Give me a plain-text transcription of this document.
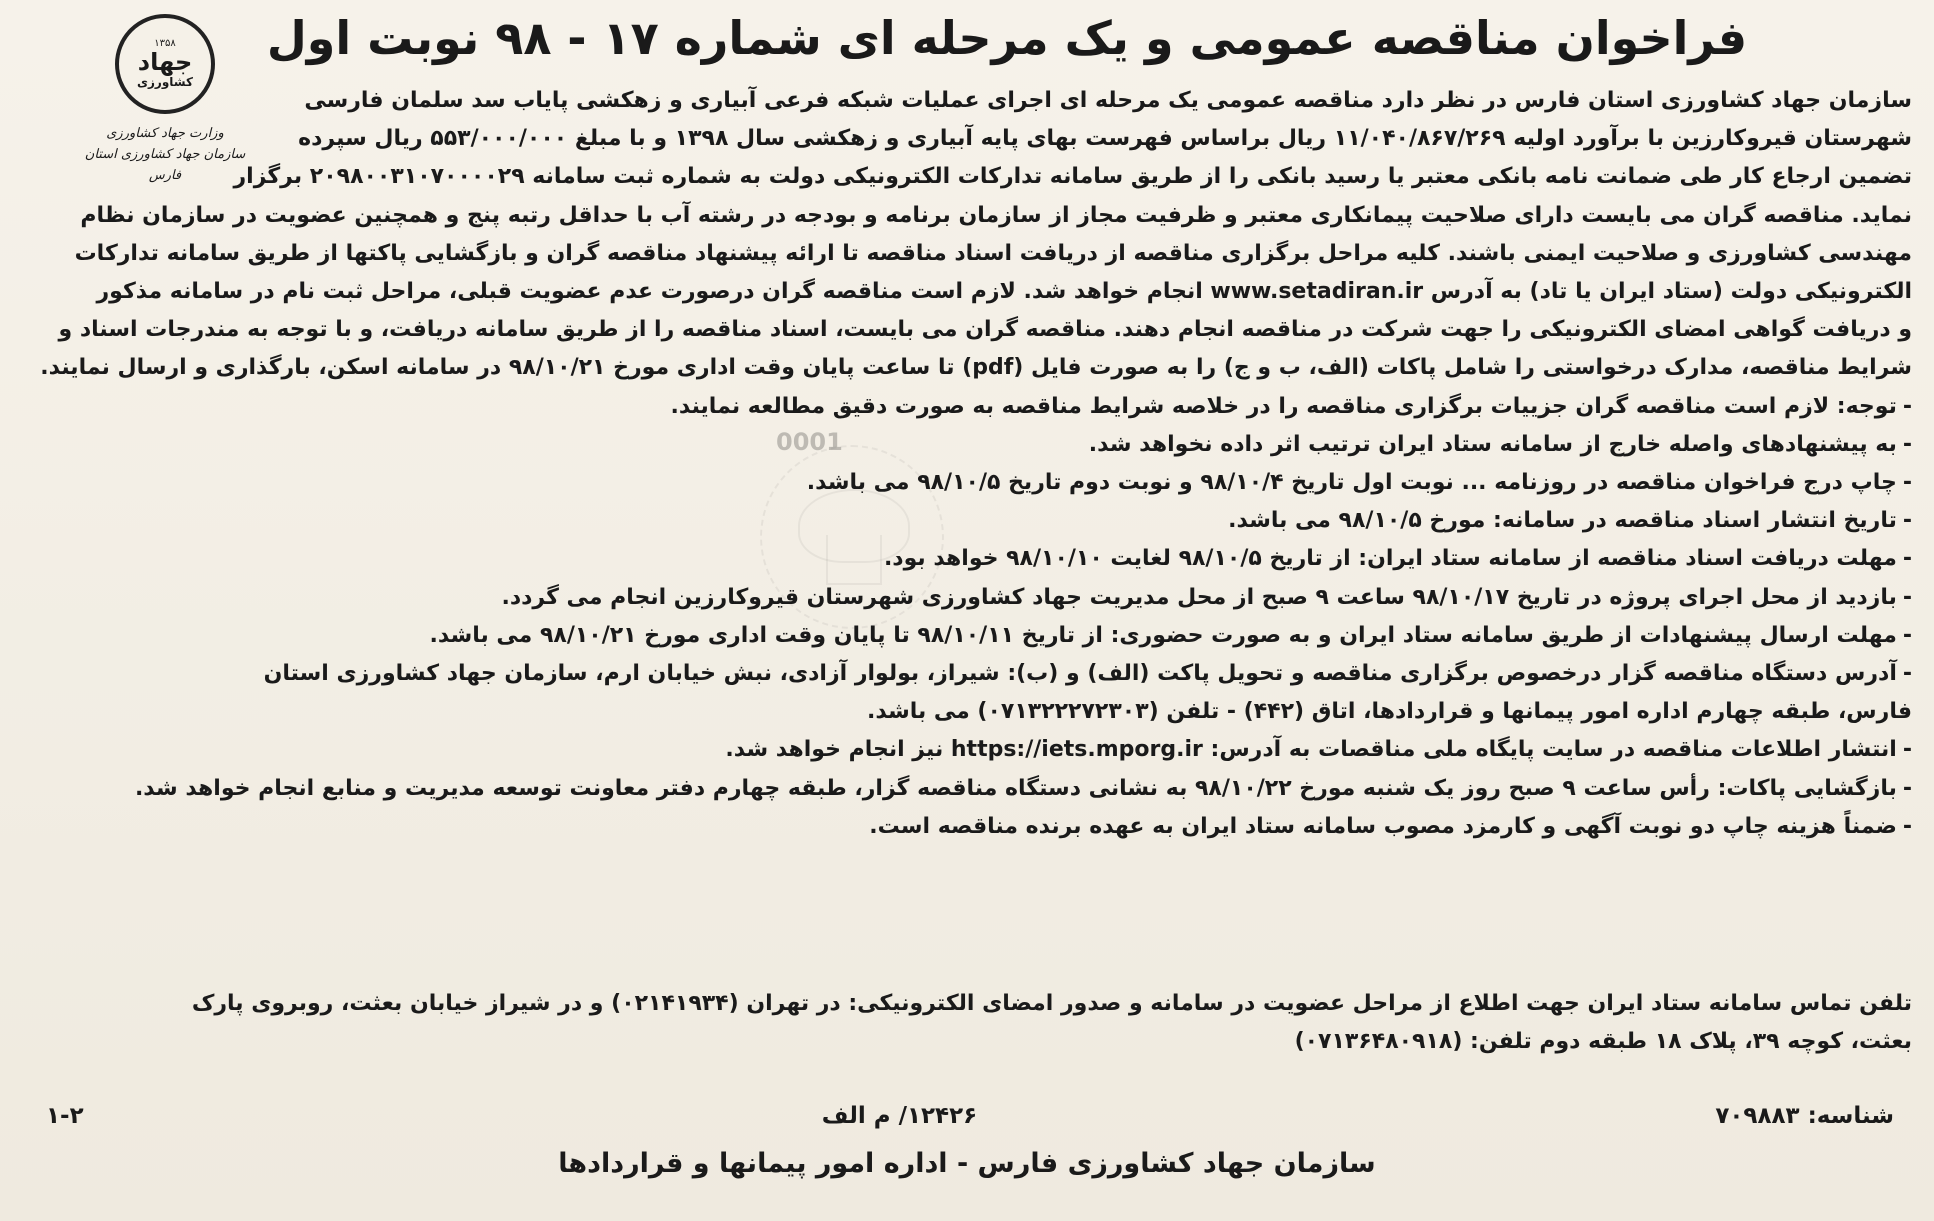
۱۳۵۸
جهاد
کشاورزی
وزارت جهاد کشاورزی
سازمان جهاد کشاورزی استان فارس
فراخوان مناقصه عمومی و یک مرحله ای شماره ۱۷ - ۹۸ نوبت اول
0001
سازمان جهاد کشاورزی استان فارس در نظر دارد مناقصه عمومی یک مرحله ای اجرای عملیات شبکه فرعی آبیاری و زهکشی پایاب سد سلمان فارسی
شهرستان قیروکارزین با برآورد اولیه ۱۱/۰۴۰/۸۶۷/۲۶۹ ریال براساس فهرست بهای پایه آبیاری و زهکشی سال ۱۳۹۸ و با مبلغ ۵۵۳/۰۰۰/۰۰۰ ریال سپرده
تضمین ارجاع کار طی ضمانت نامه بانکی معتبر یا رسید بانکی را از طریق سامانه تدارکات الکترونیکی دولت به شماره ثبت سامانه ۲۰۹۸۰۰۳۱۰۷۰۰۰۰۲۹ برگزار
نماید. مناقصه گران می بایست دارای صلاحیت پیمانکاری معتبر و ظرفیت مجاز از سازمان برنامه و بودجه در رشته آب با حداقل رتبه پنج و همچنین عضویت در سازمان نظام
مهندسی کشاورزی و صلاحیت ایمنی باشند. کلیه مراحل برگزاری مناقصه از دریافت اسناد مناقصه تا ارائه پیشنهاد مناقصه گران و بازگشایی پاکتها از طریق سامانه تدارکات
الکترونیکی دولت (ستاد ایران یا تاد) به آدرس www.setadiran.ir انجام خواهد شد. لازم است مناقصه گران درصورت عدم عضویت قبلی، مراحل ثبت نام در سامانه مذکور
و دریافت گواهی امضای الکترونیکی را جهت شرکت در مناقصه انجام دهند. مناقصه گران می بایست، اسناد مناقصه را از طریق سامانه دریافت، و با توجه به مندرجات اسناد و
شرایط مناقصه، مدارک درخواستی را شامل پاکات (الف، ب و ج) را به صورت فایل (pdf) تا ساعت پایان وقت اداری مورخ ۹۸/۱۰/۲۱ در سامانه اسکن، بارگذاری و ارسال نمایند.
-توجه: لازم است مناقصه گران جزییات برگزاری مناقصه را در خلاصه شرایط مناقصه به صورت دقیق مطالعه نمایند.
-به پیشنهادهای واصله خارج از سامانه ستاد ایران ترتیب اثر داده نخواهد شد.
-چاپ درج فراخوان مناقصه در روزنامه ... نوبت اول تاریخ ۹۸/۱۰/۴ و نوبت دوم تاریخ ۹۸/۱۰/۵ می باشد.
-تاریخ انتشار اسناد مناقصه در سامانه: مورخ ۹۸/۱۰/۵ می باشد.
-مهلت دریافت اسناد مناقصه از سامانه ستاد ایران: از تاریخ ۹۸/۱۰/۵ لغایت ۹۸/۱۰/۱۰ خواهد بود.
-بازدید از محل اجرای پروژه در تاریخ ۹۸/۱۰/۱۷ ساعت ۹ صبح از محل مدیریت جهاد کشاورزی شهرستان قیروکارزین انجام می گردد.
-مهلت ارسال پیشنهادات از طریق سامانه ستاد ایران و به صورت حضوری: از تاریخ ۹۸/۱۰/۱۱ تا پایان وقت اداری مورخ ۹۸/۱۰/۲۱ می باشد.
-آدرس دستگاه مناقصه گزار درخصوص برگزاری مناقصه و تحویل پاکت (الف) و (ب): شیراز، بولوار آزادی، نبش خیابان ارم، سازمان جهاد کشاورزی استان
فارس، طبقه چهارم اداره امور پیمانها و قراردادها، اتاق (۴۴۲) - تلفن (۰۷۱۳۲۲۲۷۲۳۰۳) می باشد.
-انتشار اطلاعات مناقصه در سایت پایگاه ملی مناقصات به آدرس: https://iets.mporg.ir نیز انجام خواهد شد.
-بازگشایی پاکات: رأس ساعت ۹ صبح روز یک شنبه مورخ ۹۸/۱۰/۲۲ به نشانی دستگاه مناقصه گزار، طبقه چهارم دفتر معاونت توسعه مدیریت و منابع انجام خواهد شد.
-ضمناً هزینه چاپ دو نوبت آگهی و کارمزد مصوب سامانه ستاد ایران به عهده برنده مناقصه است.
تلفن تماس سامانه ستاد ایران جهت اطلاع از مراحل عضویت در سامانه و صدور امضای الکترونیکی: در تهران (۰۲۱۴۱۹۳۴) و در شیراز خیابان بعثت، روبروی پارک
بعثت، کوچه ۳۹، پلاک ۱۸ طبقه دوم تلفن: (۰۷۱۳۶۴۸۰۹۱۸)
شناسه: ۷۰۹۸۸۳
۱۲۴۲۶/ م الف
۱-۲
سازمان جهاد کشاورزی فارس - اداره امور پیمانها و قراردادها
